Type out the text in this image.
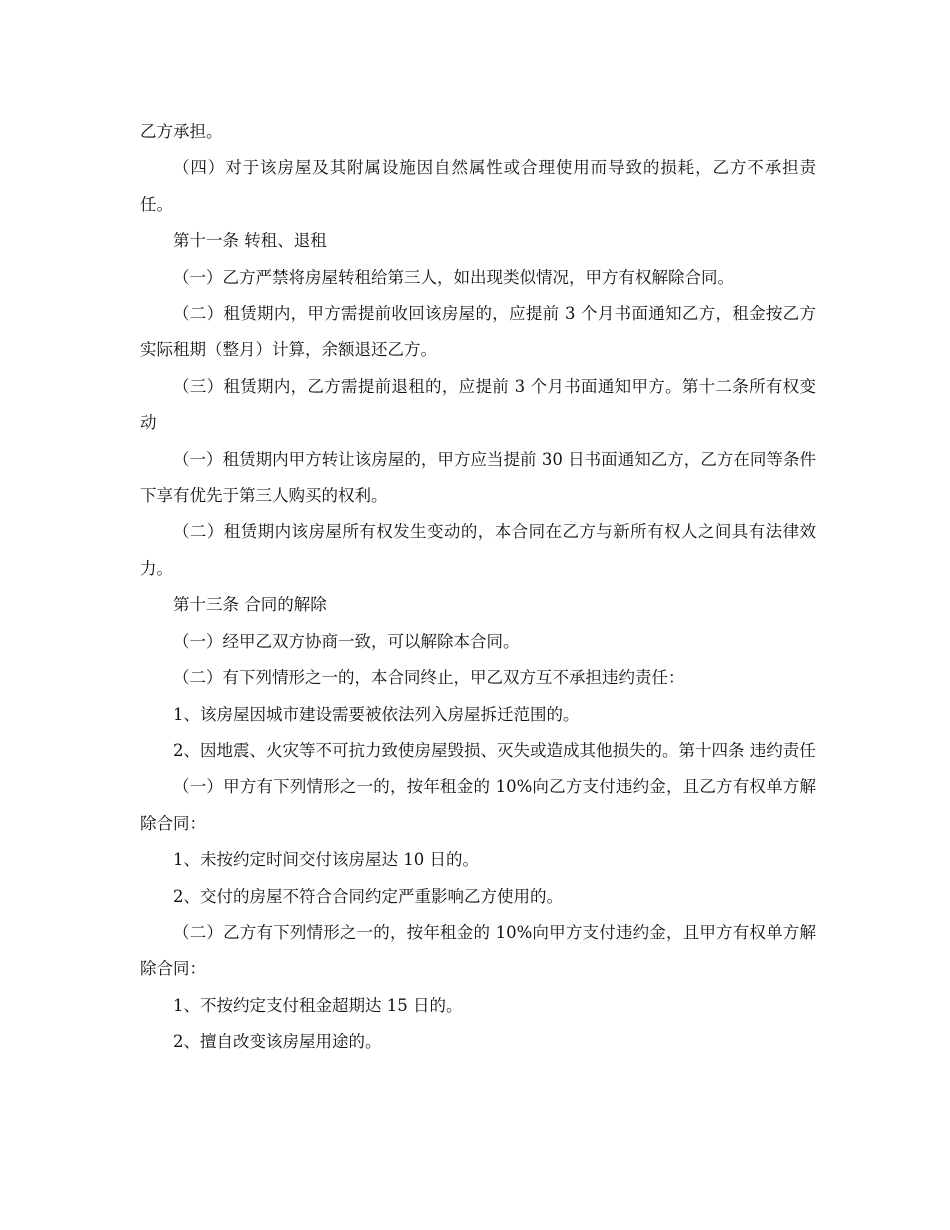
乙方承担。

（四）对于该房屋及其附属设施因自然属性或合理使用而导致的损耗，乙方不承担责任。

第十一条 转租、退租

（一）乙方严禁将房屋转租给第三人，如出现类似情况，甲方有权解除合同。

（二）租赁期内，甲方需提前收回该房屋的，应提前 3 个月书面通知乙方，租金按乙方实际租期（整月）计算，余额退还乙方。

（三）租赁期内，乙方需提前退租的，应提前 3 个月书面通知甲方。第十二条所有权变动

（一）租赁期内甲方转让该房屋的，甲方应当提前 30 日书面通知乙方，乙方在同等条件下享有优先于第三人购买的权利。

（二）租赁期内该房屋所有权发生变动的，本合同在乙方与新所有权人之间具有法律效力。

第十三条 合同的解除

（一）经甲乙双方协商一致，可以解除本合同。

（二）有下列情形之一的，本合同终止，甲乙双方互不承担违约责任：

1、该房屋因城市建设需要被依法列入房屋拆迁范围的。

2、因地震、火灾等不可抗力致使房屋毁损、灭失或造成其他损失的。第十四条 违约责任

（一）甲方有下列情形之一的，按年租金的 10%向乙方支付违约金，且乙方有权单方解除合同：

1、未按约定时间交付该房屋达 10 日的。

2、交付的房屋不符合合同约定严重影响乙方使用的。

（二）乙方有下列情形之一的，按年租金的 10%向甲方支付违约金，且甲方有权单方解除合同：

1、不按约定支付租金超期达 15 日的。

2、擅自改变该房屋用途的。
